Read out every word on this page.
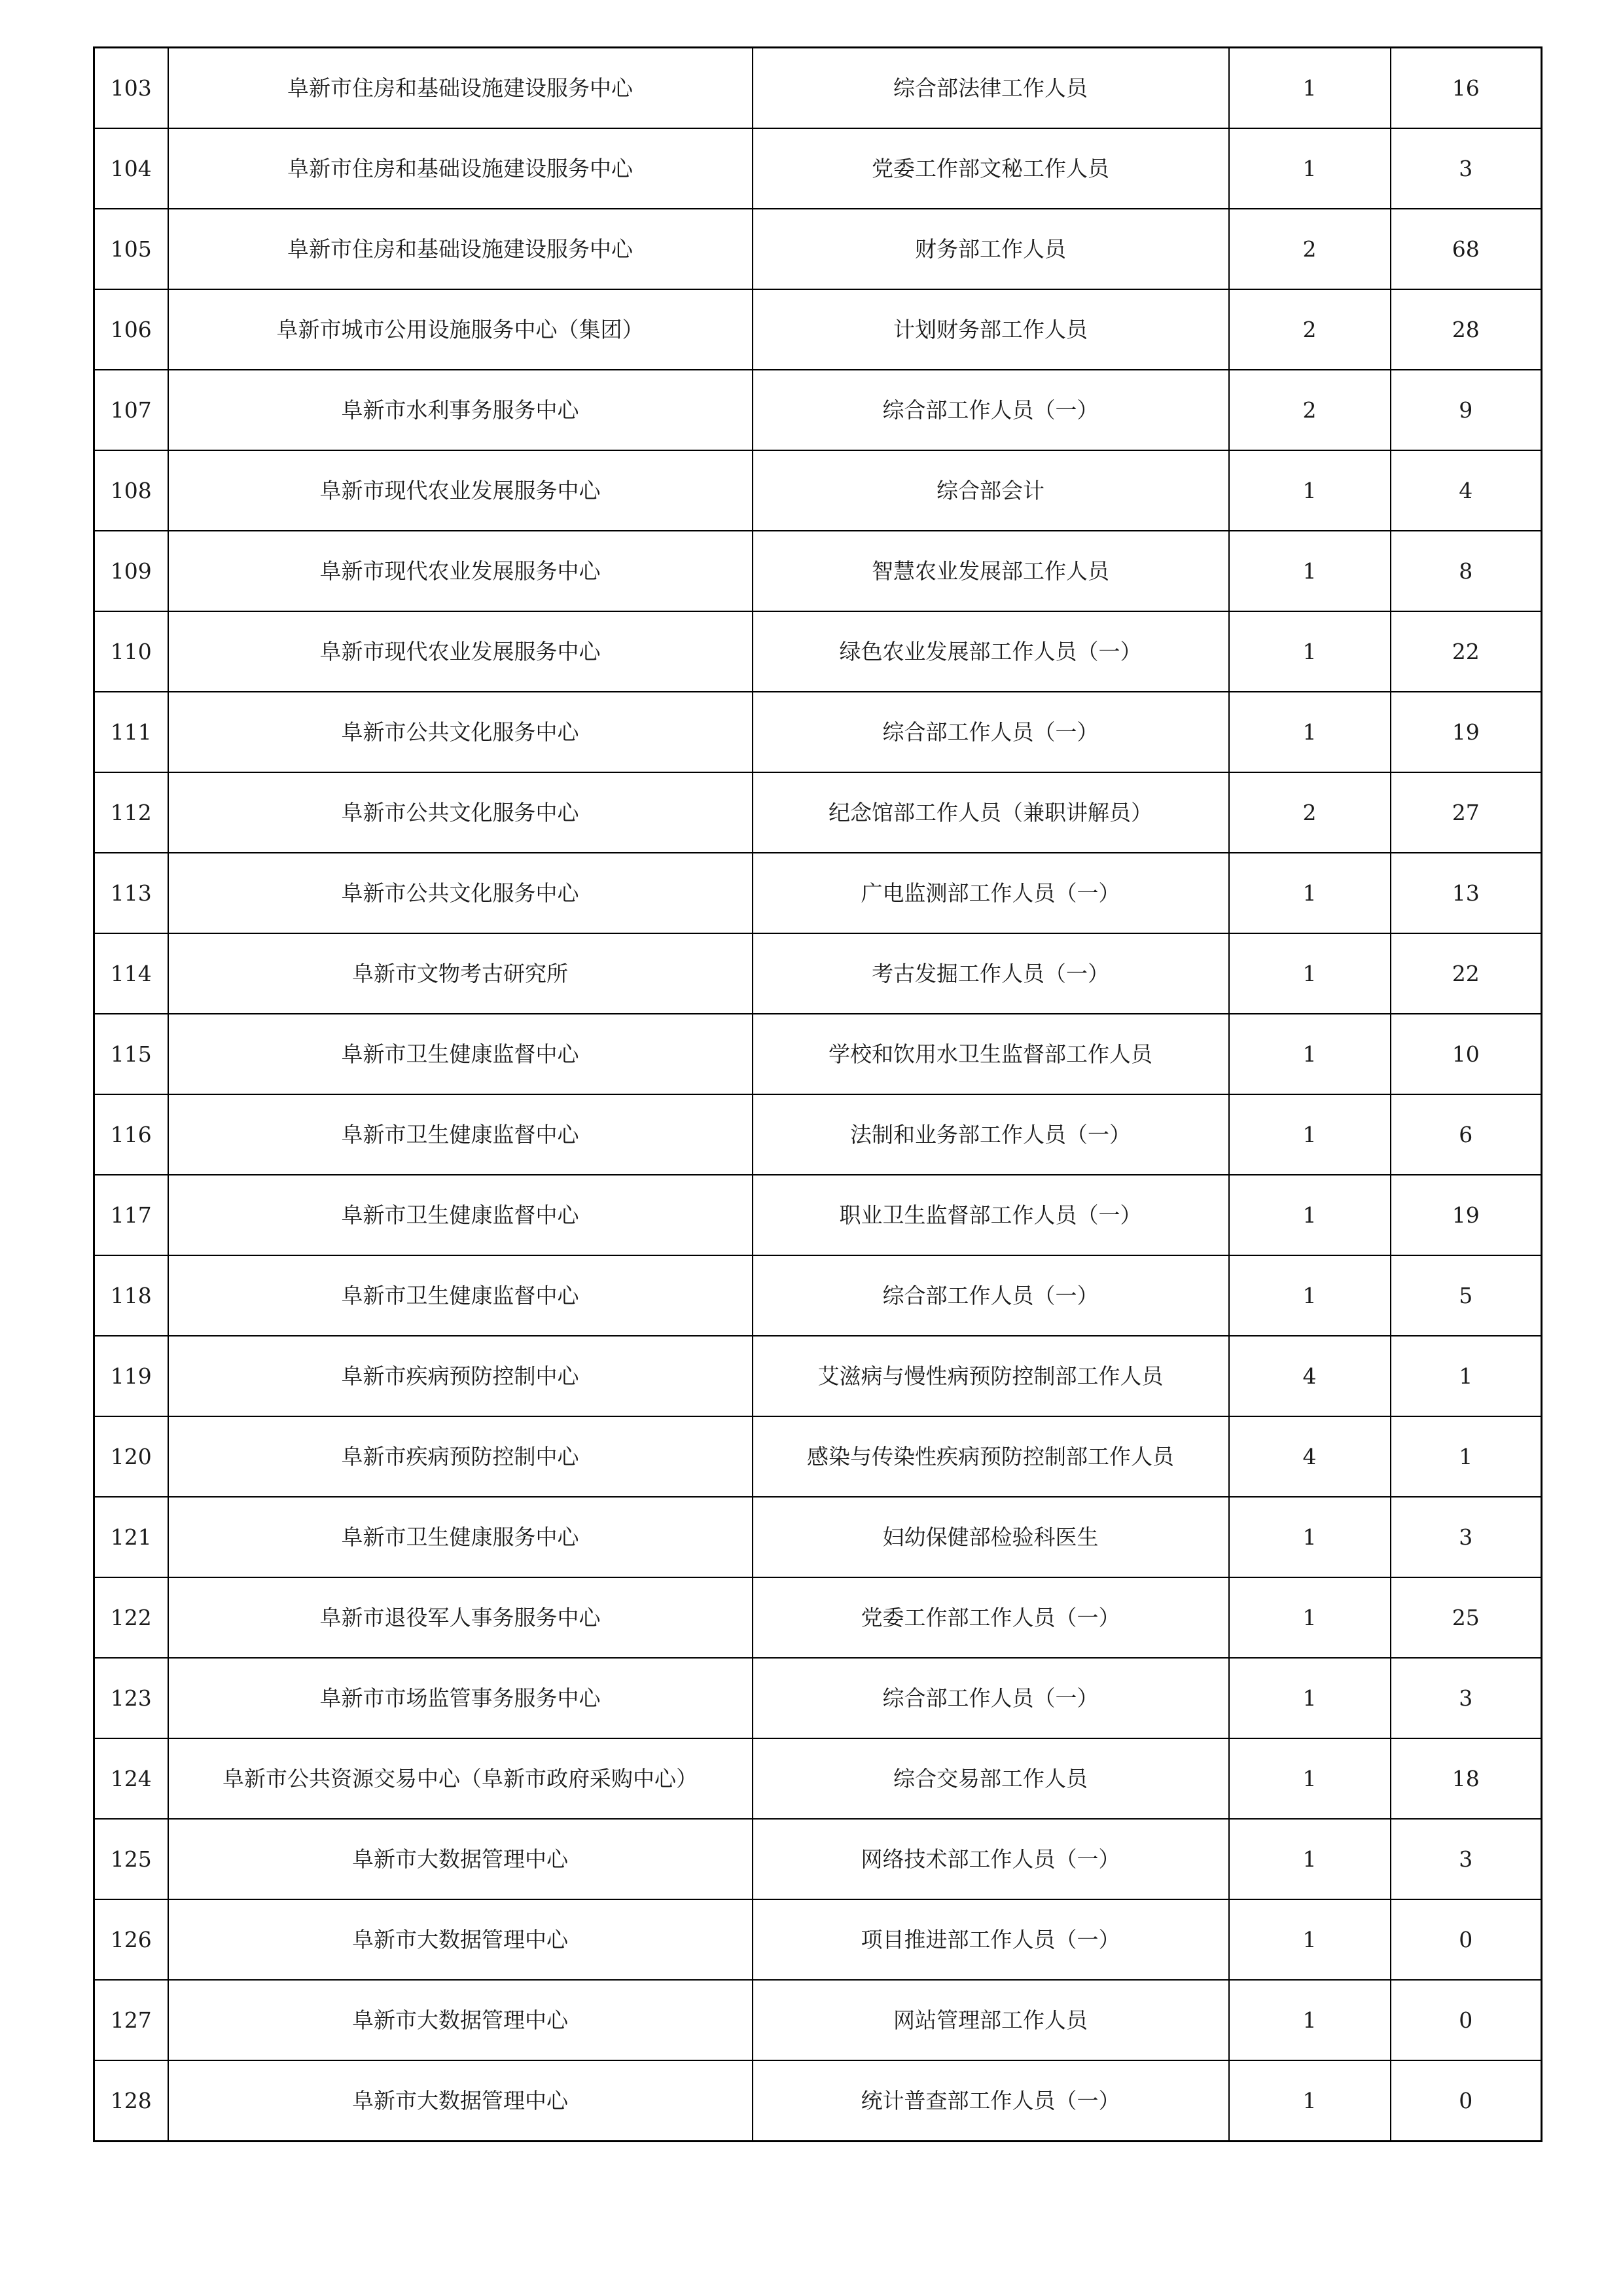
103	阜新市住房和基础设施建设服务中心	综合部法律工作人员	1	16
104	阜新市住房和基础设施建设服务中心	党委工作部文秘工作人员	1	3
105	阜新市住房和基础设施建设服务中心	财务部工作人员	2	68
106	阜新市城市公用设施服务中心（集团）	计划财务部工作人员	2	28
107	阜新市水利事务服务中心	综合部工作人员（一）	2	9
108	阜新市现代农业发展服务中心	综合部会计	1	4
109	阜新市现代农业发展服务中心	智慧农业发展部工作人员	1	8
110	阜新市现代农业发展服务中心	绿色农业发展部工作人员（一）	1	22
111	阜新市公共文化服务中心	综合部工作人员（一）	1	19
112	阜新市公共文化服务中心	纪念馆部工作人员（兼职讲解员）	2	27
113	阜新市公共文化服务中心	广电监测部工作人员（一）	1	13
114	阜新市文物考古研究所	考古发掘工作人员（一）	1	22
115	阜新市卫生健康监督中心	学校和饮用水卫生监督部工作人员	1	10
116	阜新市卫生健康监督中心	法制和业务部工作人员（一）	1	6
117	阜新市卫生健康监督中心	职业卫生监督部工作人员（一）	1	19
118	阜新市卫生健康监督中心	综合部工作人员（一）	1	5
119	阜新市疾病预防控制中心	艾滋病与慢性病预防控制部工作人员	4	1
120	阜新市疾病预防控制中心	感染与传染性疾病预防控制部工作人员	4	1
121	阜新市卫生健康服务中心	妇幼保健部检验科医生	1	3
122	阜新市退役军人事务服务中心	党委工作部工作人员（一）	1	25
123	阜新市市场监管事务服务中心	综合部工作人员（一）	1	3
124	阜新市公共资源交易中心（阜新市政府采购中心）	综合交易部工作人员	1	18
125	阜新市大数据管理中心	网络技术部工作人员（一）	1	3
126	阜新市大数据管理中心	项目推进部工作人员（一）	1	0
127	阜新市大数据管理中心	网站管理部工作人员	1	0
128	阜新市大数据管理中心	统计普查部工作人员（一）	1	0
